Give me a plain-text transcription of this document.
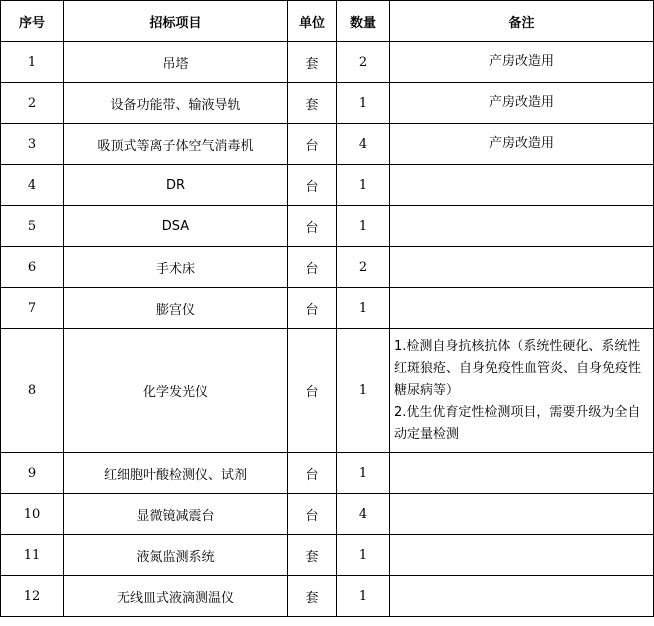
序号	招标项目	单位	数量	备注
1	吊塔	套	2	产房改造用
2	设备功能带、输液导轨	套	1	产房改造用
3	吸顶式等离子体空气消毒机	台	4	产房改造用
4	DR	台	1	
5	DSA	台	1	
6	手术床	台	2	
7	膨宫仪	台	1	
8	化学发光仪	台	1	1.检测自身抗核抗体（系统性硬化、系统性红斑狼疮、自身免疫性血管炎、自身免疫性糖尿病等）
2.优生优育定性检测项目，需要升级为全自动定量检测
9	红细胞叶酸检测仪、试剂	台	1	
10	显微镜减震台	台	4	
11	液氮监测系统	套	1	
12	无线皿式液滴测温仪	套	1	
